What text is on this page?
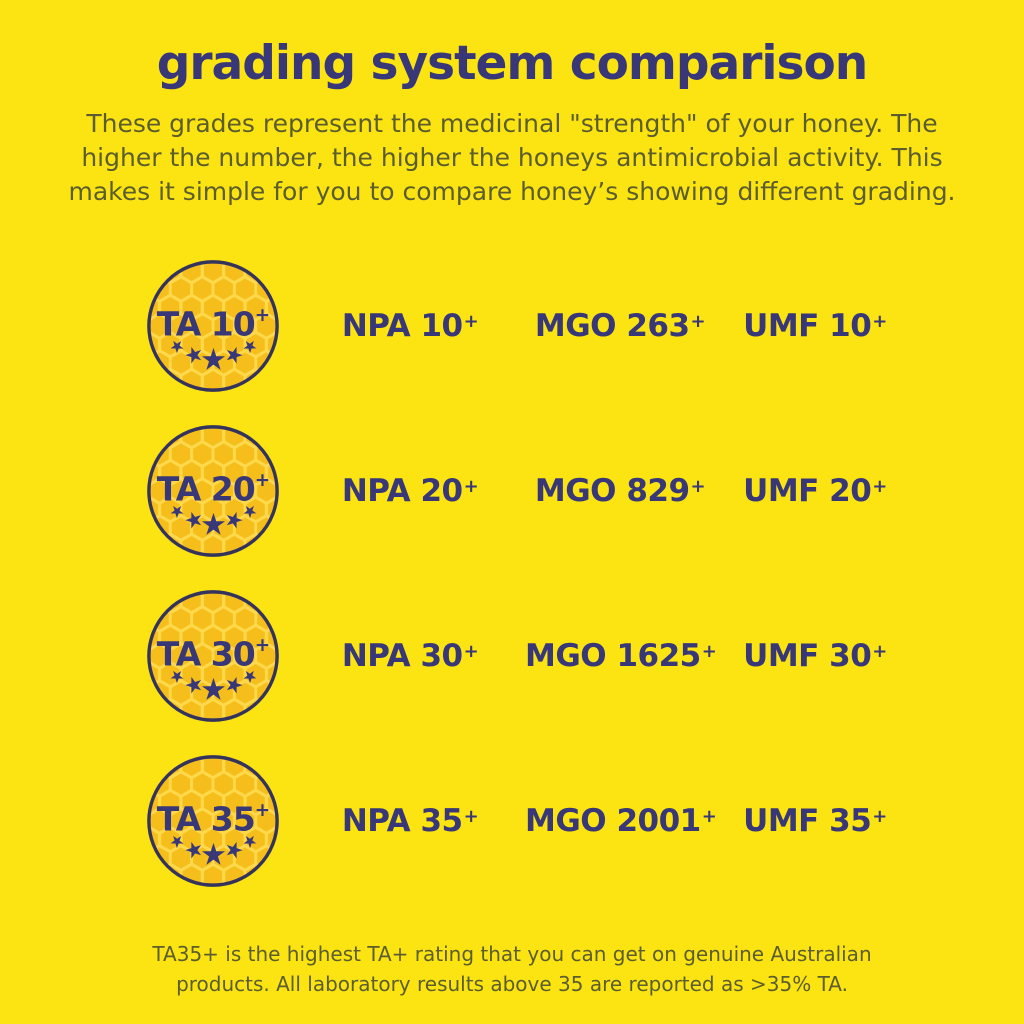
grading system comparison
These grades represent the medicinal "strength" of your honey. The
higher the number, the higher the honeys antimicrobial activity. This
makes it simple for you to compare honey’s showing different grading.
TA 10+	NPA 10+	MGO 263+	UMF 10+
TA 20+	NPA 20+	MGO 829+	UMF 20+
TA 30+	NPA 30+	MGO 1625+ UMF 30+
TA 35+	NPA 35+	MGO 2001+ UMF 35+
TA35+ is the highest TA+ rating that you can get on genuine Australian
products. All laboratory results above 35 are reported as >35% TA.
